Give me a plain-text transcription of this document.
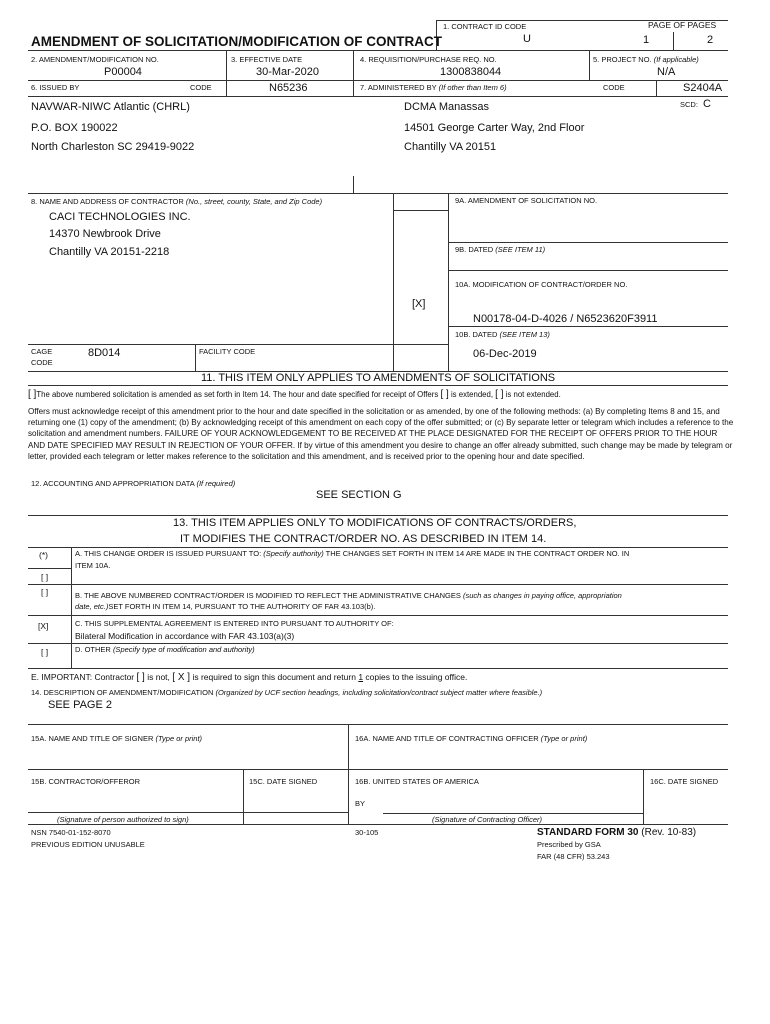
AMENDMENT OF SOLICITATION/MODIFICATION OF CONTRACT
1. CONTRACT ID CODE
U
PAGE OF PAGES
1	2
2. AMENDMENT/MODIFICATION NO.
P00004
3. EFFECTIVE DATE
30-Mar-2020
4. REQUISITION/PURCHASE REQ. NO.
1300838044
5. PROJECT NO. (If applicable)
N/A
6. ISSUED BY	CODE	N65236	7. ADMINISTERED BY (If other than Item 6)	CODE	S2404A
SCD: C
NAVWAR-NIWC Atlantic (CHRL)
P.O. BOX 190022
North Charleston SC 29419-9022
DCMA Manassas
14501 George Carter Way, 2nd Floor
Chantilly VA 20151
8. NAME AND ADDRESS OF CONTRACTOR (No., street, county, State, and Zip Code)
CACI TECHNOLOGIES INC.
14370 Newbrook Drive
Chantilly VA 20151-2218
[X]
CAGE
CODE
8D014	FACILITY CODE
9A. AMENDMENT OF SOLICITATION NO.
9B. DATED (SEE ITEM 11)
10A. MODIFICATION OF CONTRACT/ORDER NO.
N00178-04-D-4026 / N6523620F3911
10B. DATED (SEE ITEM 13)
06-Dec-2019
11. THIS ITEM ONLY APPLIES TO AMENDMENTS OF SOLICITATIONS
[ ]The above numbered solicitation is amended as set forth in Item 14. The hour and date specified for receipt of Offers [ ] is extended, [ ] is not extended.
Offers must acknowledge receipt of this amendment prior to the hour and date specified in the solicitation or as amended, by one of the following methods: (a) By completing Items 8 and 15, and returning one (1) copy of the amendment; (b) By acknowledging receipt of this amendment on each copy of the offer submitted; or (c) By separate letter or telegram which includes a reference to the solicitation and amendment numbers. FAILURE OF YOUR ACKNOWLEDGEMENT TO BE RECEIVED AT THE PLACE DESIGNATED FOR THE RECEIPT OF OFFERS PRIOR TO THE HOUR AND DATE SPECIFIED MAY RESULT IN REJECTION OF YOUR OFFER. If by virtue of this amendment you desire to change an offer already submitted, such change may be made by telegram or letter, provided each telegram or letter makes reference to the solicitation and this amendment, and is received prior to the opening hour and date specified.
12. ACCOUNTING AND APPROPRIATION DATA (If required)
SEE SECTION G
13. THIS ITEM APPLIES ONLY TO MODIFICATIONS OF CONTRACTS/ORDERS,
IT MODIFIES THE CONTRACT/ORDER NO. AS DESCRIBED IN ITEM 14.
(*)	A. THIS CHANGE ORDER IS ISSUED PURSUANT TO: (Specify authority) THE CHANGES SET FORTH IN ITEM 14 ARE MADE IN THE CONTRACT ORDER NO. IN
ITEM 10A.
[ ]
[ ]	B. THE ABOVE NUMBERED CONTRACT/ORDER IS MODIFIED TO REFLECT THE ADMINISTRATIVE CHANGES (such as changes in paying office, appropriation
date, etc.)SET FORTH IN ITEM 14, PURSUANT TO THE AUTHORITY OF FAR 43.103(b).
[X]	C. THIS SUPPLEMENTAL AGREEMENT IS ENTERED INTO PURSUANT TO AUTHORITY OF:
Bilateral Modification in accordance with FAR 43.103(a)(3)
[ ]	D. OTHER (Specify type of modification and authority)
E. IMPORTANT: Contractor [ ] is not, [ X ] is required to sign this document and return 1 copies to the issuing office.
14. DESCRIPTION OF AMENDMENT/MODIFICATION (Organized by UCF section headings, including solicitation/contract subject matter where feasible.)
SEE PAGE 2
15A. NAME AND TITLE OF SIGNER (Type or print)	16A. NAME AND TITLE OF CONTRACTING OFFICER (Type or print)
15B. CONTRACTOR/OFFEROR	15C. DATE SIGNED	16B. UNITED STATES OF AMERICA	16C. DATE SIGNED
BY
(Signature of person authorized to sign)	(Signature of Contracting Officer)
NSN 7540-01-152-8070
PREVIOUS EDITION UNUSABLE
30-105	STANDARD FORM 30 (Rev. 10-83)
Prescribed by GSA
FAR (48 CFR) 53.243
